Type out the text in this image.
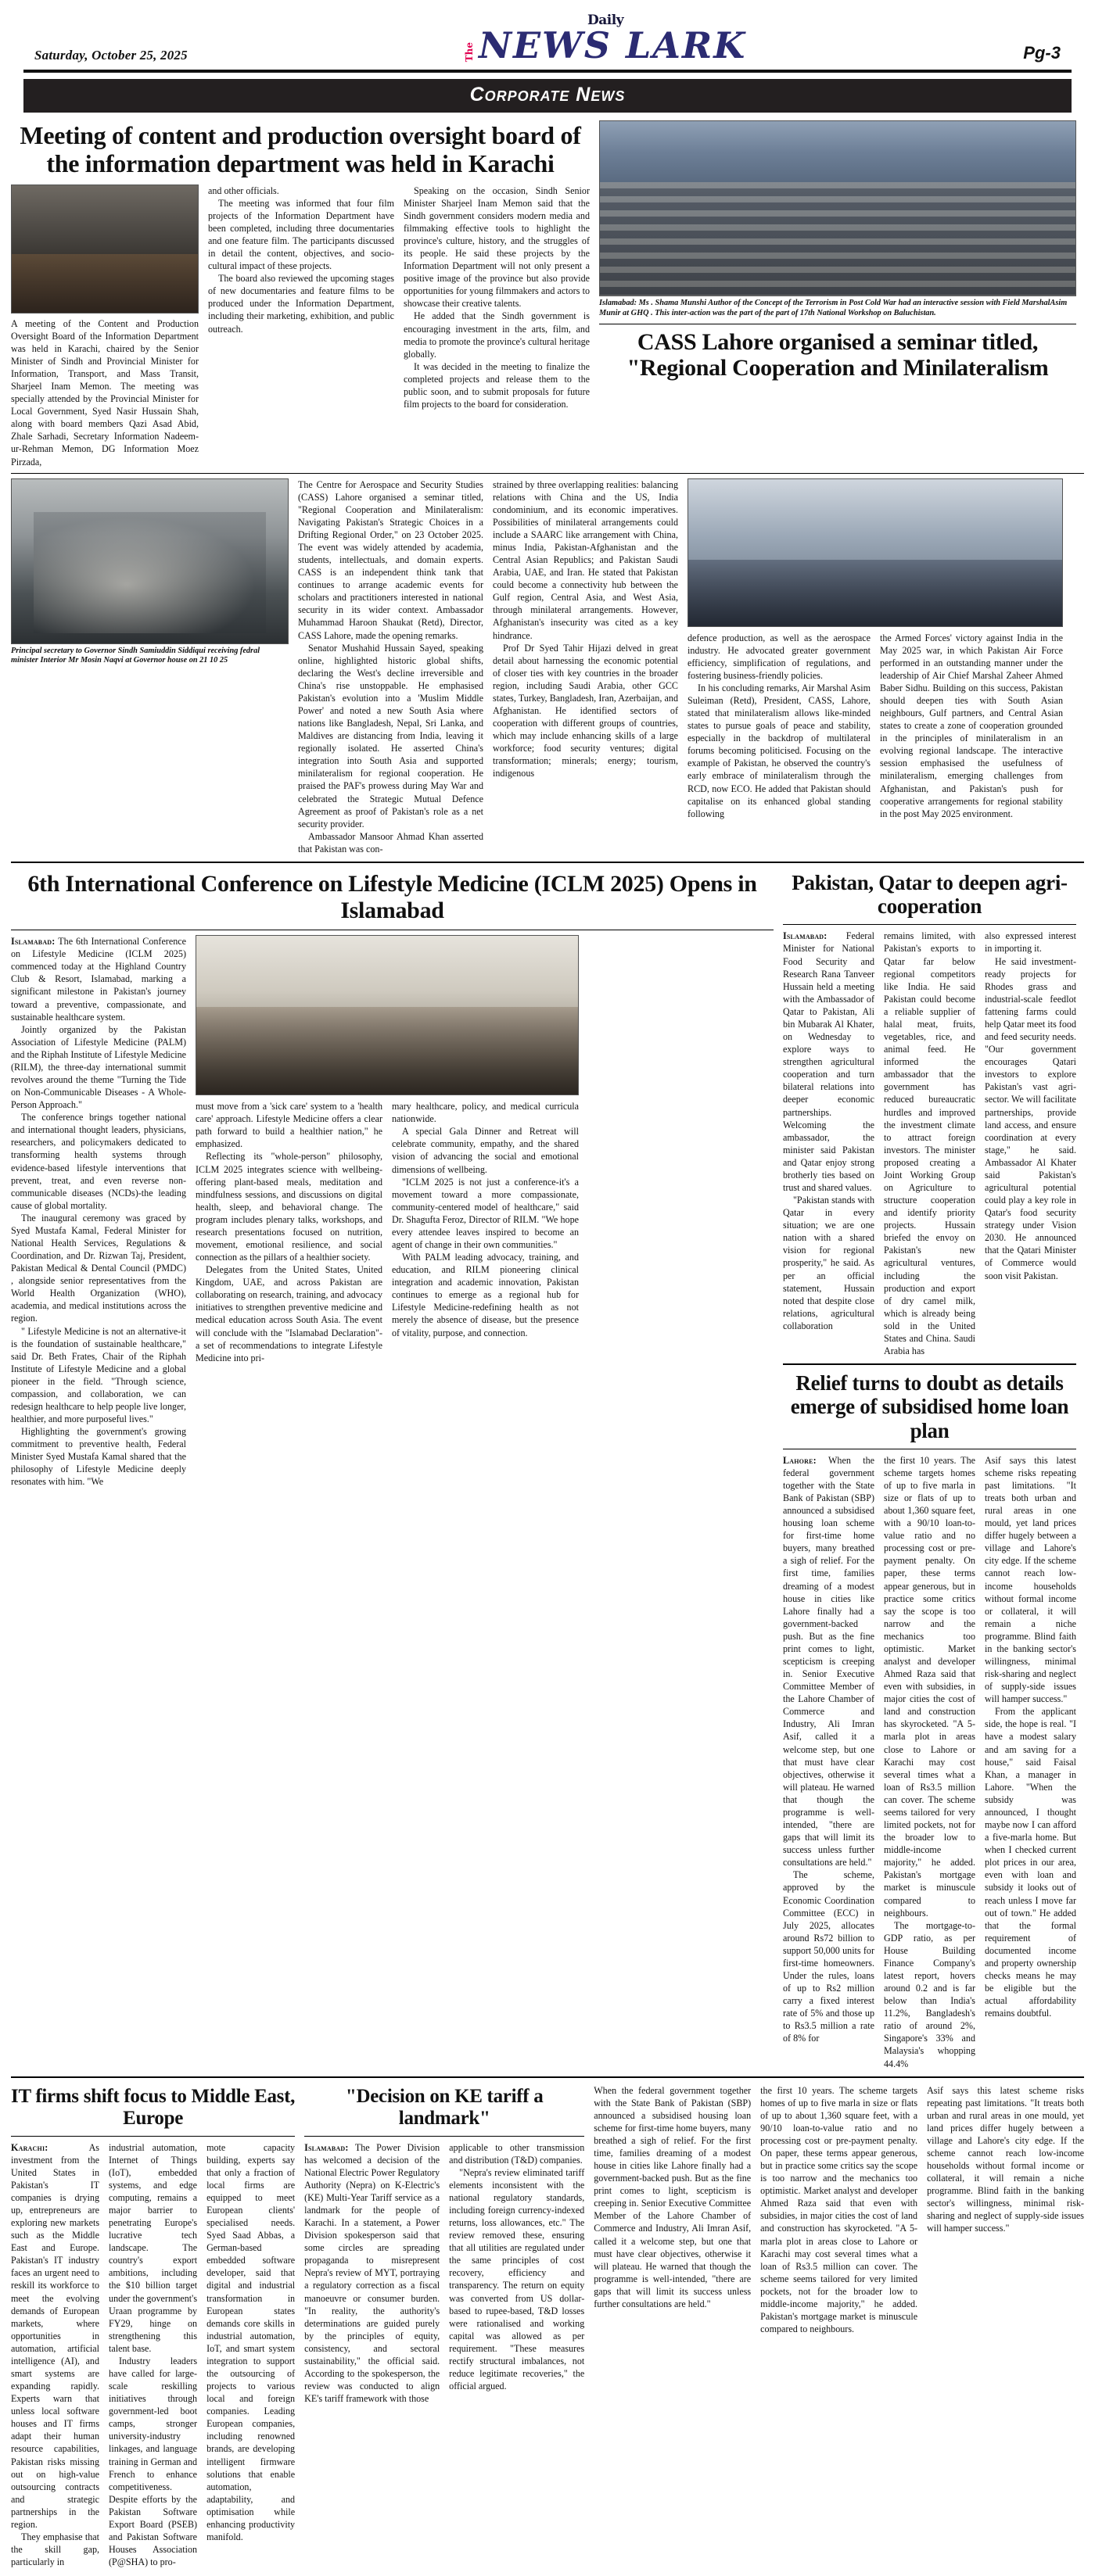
Saturday, October 25, 2025
Daily
The NEWS LARK	Pg-3
Corporate News
Meeting of content and production oversight board of the information department was held in Karachi

A meeting of the Content and Production Oversight Board of the Information Department was held in Karachi, chaired by the Senior Minister of Sindh and Provincial Minister for Information, Transport, and Mass Transit, Sharjeel Inam Memon. The meeting was specially attended by the Provincial Minister for Local Government, Syed Nasir Hussain Shah, along with board members Qazi Asad Abid, Zhale Sarhadi, Secretary Information Nadeem-ur-Rehman Memon, DG Information Moez Pirzada,

and other officials.

The meeting was informed that four film projects of the Information Department have been completed, including three documentaries and one feature film. The participants discussed in detail the content, objectives, and socio-cultural impact of these projects.

The board also reviewed the upcoming stages of new documentaries and feature films to be produced under the Information Department, including their marketing, exhibition, and public outreach.

Speaking on the occasion, Sindh Senior Minister Sharjeel Inam Memon said that the Sindh government considers modern media and filmmaking effective tools to highlight the province's culture, history, and the struggles of its people. He said these projects by the Information Department will not only present a positive image of the province but also provide opportunities for young filmmakers and actors to showcase their creative talents.

He added that the Sindh government is encouraging investment in the arts, film, and media to promote the province's cultural heritage globally.

It was decided in the meeting to finalize the completed projects and release them to the public soon, and to submit proposals for future film projects to the board for consideration.

Islamabad: Ms . Shama Munshi Author of the Concept of the Terrorism in Post Cold War had an interactive session with Field MarshalAsim Munir at GHQ . This inter-action was the part of the part of 17th National Workshop on Baluchistan.
CASS Lahore organised a seminar titled, "Regional Cooperation and Minilateralism
Principal secretary to Governor Sindh Samiuddin Siddiqui receiving fedral minister Interior Mr Mosin Naqvi at Governor house on 21 10 25

The Centre for Aerospace and Security Studies (CASS) Lahore organised a seminar titled, "Regional Cooperation and Minilateralism: Navigating Pakistan's Strategic Choices in a Drifting Regional Order," on 23 October 2025. The event was widely attended by academia, students, intellectuals, and domain experts. CASS is an independent think tank that continues to arrange academic events for scholars and practitioners interested in national security in its wider context. Ambassador Muhammad Haroon Shaukat (Retd), Director, CASS Lahore, made the opening remarks.

Senator Mushahid Hussain Sayed, speaking online, highlighted historic global shifts, declaring the West's decline irreversible and China's rise unstoppable. He emphasised Pakistan's evolution into a 'Muslim Middle Power' and noted a new South Asia where nations like Bangladesh, Nepal, Sri Lanka, and Maldives are distancing from India, leaving it regionally isolated. He asserted China's integration into South Asia and supported minilateralism for regional cooperation. He praised the PAF's prowess during May War and celebrated the Strategic Mutual Defence Agreement as proof of Pakistan's role as a net security provider.

Ambassador Mansoor Ahmad Khan asserted that Pakistan was con-

strained by three overlapping realities: balancing relations with China and the US, India condominium, and its economic imperatives. Possibilities of minilateral arrangements could include a SAARC like arrangement with China, minus India, Pakistan-Afghanistan and the Central Asian Republics; and Pakistan Saudi Arabia, UAE, and Iran. He stated that Pakistan could become a connectivity hub between the Gulf region, Central Asia, and West Asia, through minilateral arrangements. However, Afghanistan's insecurity was cited as a key hindrance.

Prof Dr Syed Tahir Hijazi delved in great detail about harnessing the economic potential of closer ties with key countries in the broader region, including Saudi Arabia, other GCC states, Turkey, Bangladesh, Iran, Azerbaijan, and Afghanistan. He identified sectors of cooperation with different groups of countries, which may include enhancing skills of a large workforce; food security ventures; digital transformation; minerals; energy; tourism, indigenous

defence production, as well as the aerospace industry. He advocated greater government efficiency, simplification of regulations, and fostering business-friendly policies.

In his concluding remarks, Air Marshal Asim Suleiman (Retd), President, CASS, Lahore, stated that minilateralism allows like-minded states to pursue goals of peace and stability, especially in the backdrop of multilateral forums becoming politicised. Focusing on the example of Pakistan, he observed the country's early embrace of minilateralism through the RCD, now ECO. He added that Pakistan should capitalise on its enhanced global standing following

the Armed Forces' victory against India in the May 2025 war, in which Pakistan Air Force performed in an outstanding manner under the leadership of Air Chief Marshal Zaheer Ahmed Baber Sidhu. Building on this success, Pakistan should deepen ties with South Asian neighbours, Gulf partners, and Central Asian states to create a zone of cooperation grounded in the principles of minilateralism in an evolving regional landscape. The interactive session emphasised the usefulness of minilateralism, emerging challenges from Afghanistan, and Pakistan's push for cooperative arrangements for regional stability in the post May 2025 environment.

6th International Conference on Lifestyle Medicine (ICLM 2025) Opens in Islamabad

Islamabad: The 6th International Conference on Lifestyle Medicine (ICLM 2025) commenced today at the Highland Country Club & Resort, Islamabad, marking a significant milestone in Pakistan's journey toward a preventive, compassionate, and sustainable healthcare system.

Jointly organized by the Pakistan Association of Lifestyle Medicine (PALM) and the Riphah Institute of Lifestyle Medicine (RILM), the three-day international summit revolves around the theme "Turning the Tide on Non-Communicable Diseases - A Whole-Person Approach."

The conference brings together national and international thought leaders, physicians, researchers, and policymakers dedicated to transforming health systems through evidence-based lifestyle interventions that prevent, treat, and even reverse non-communicable diseases (NCDs)-the leading cause of global mortality.

The inaugural ceremony was graced by Syed Mustafa Kamal, Federal Minister for National Health Services, Regulations & Coordination, and Dr. Rizwan Taj, President, Pakistan Medical & Dental Council (PMDC) , alongside senior representatives from the World Health Organization (WHO), academia, and medical institutions across the region.

" Lifestyle Medicine is not an alternative-it is the foundation of sustainable healthcare," said Dr. Beth Frates, Chair of the Riphah Institute of Lifestyle Medicine and a global pioneer in the field. "Through science, compassion, and collaboration, we can redesign healthcare to help people live longer, healthier, and more purposeful lives."

Highlighting the government's growing commitment to preventive health, Federal Minister Syed Mustafa Kamal shared that the philosophy of Lifestyle Medicine deeply resonates with him. "We

must move from a 'sick care' system to a 'health care' approach. Lifestyle Medicine offers a clear path forward to build a healthier nation," he emphasized.

Reflecting its "whole-person" philosophy, ICLM 2025 integrates science with wellbeing-offering plant-based meals, meditation and mindfulness sessions, and discussions on digital health, sleep, and behavioral change. The program includes plenary talks, workshops, and research presentations focused on nutrition, movement, emotional resilience, and social connection as the pillars of a healthier society.

Delegates from the United States, United Kingdom, UAE, and across Pakistan are collaborating on research, training, and advocacy initiatives to strengthen preventive medicine and medical education across South Asia. The event will conclude with the "Islamabad Declaration"-a set of recommendations to integrate Lifestyle Medicine into pri-

mary healthcare, policy, and medical curricula nationwide.

A special Gala Dinner and Retreat will celebrate community, empathy, and the shared vision of advancing the social and emotional dimensions of wellbeing.

"ICLM 2025 is not just a conference-it's a movement toward a more compassionate, community-centered model of healthcare," said Dr. Shagufta Feroz, Director of RILM. "We hope every attendee leaves inspired to become an agent of change in their own communities."

With PALM leading advocacy, training, and education, and RILM pioneering clinical integration and academic innovation, Pakistan continues to emerge as a regional hub for Lifestyle Medicine-redefining health as not merely the absence of disease, but the presence of vitality, purpose, and connection.

Pakistan, Qatar to deepen agri-cooperation

Islamabad: Federal Minister for National Food Security and Research Rana Tanveer Hussain held a meeting with the Ambassador of Qatar to Pakistan, Ali bin Mubarak Al Khater, on Wednesday to explore ways to strengthen agricultural cooperation and turn bilateral relations into deeper economic partnerships. Welcoming the ambassador, the minister said Pakistan and Qatar enjoy strong brotherly ties based on trust and shared values.

"Pakistan stands with Qatar in every situation; we are one nation with a shared vision for regional prosperity," he said. As per an official statement, Hussain noted that despite close relations, agricultural collaboration

remains limited, with Pakistan's exports to Qatar far below regional competitors like India. He said Pakistan could become a reliable supplier of halal meat, fruits, vegetables, rice, and animal feed. He informed the ambassador that the government has reduced bureaucratic hurdles and improved the investment climate to attract foreign investors. The minister proposed creating a Joint Working Group on Agriculture to structure cooperation and identify priority projects. Hussain briefed the envoy on Pakistan's new agricultural ventures, including the production and export of dry camel milk, which is already being sold in the United States and China. Saudi Arabia has

also expressed interest in importing it.

He said investment-ready projects for Rhodes grass and industrial-scale feedlot fattening farms could help Qatar meet its food and feed security needs. "Our government encourages Qatari investors to explore Pakistan's vast agri-sector. We will facilitate partnerships, provide land access, and ensure coordination at every stage," he said. Ambassador Al Khater said Pakistan's agricultural potential could play a key role in Qatar's food security strategy under Vision 2030. He announced that the Qatari Minister of Commerce would soon visit Pakistan.

Relief turns to doubt as details emerge of subsidised home loan plan

Lahore: When the federal government together with the State Bank of Pakistan (SBP) announced a subsidised housing loan scheme for first-time home buyers, many breathed a sigh of relief. For the first time, families dreaming of a modest house in cities like Lahore finally had a government-backed push. But as the fine print comes to light, scepticism is creeping in. Senior Executive Committee Member of the Lahore Chamber of Commerce and Industry, Ali Imran Asif, called it a welcome step, but one that must have clear objectives, otherwise it will plateau. He warned that though the programme is well-intended, "there are gaps that will limit its success unless further consultations are held."

The scheme, approved by the Economic Coordination Committee (ECC) in July 2025, allocates around Rs72 billion to support 50,000 units for first-time homeowners. Under the rules, loans of up to Rs2 million carry a fixed interest rate of 5% and those up to Rs3.5 million a rate of 8% for

the first 10 years. The scheme targets homes of up to five marla in size or flats of up to about 1,360 square feet, with a 90/10 loan-to-value ratio and no processing cost or pre-payment penalty. On paper, these terms appear generous, but in practice some critics say the scope is too narrow and the mechanics too optimistic. Market analyst and developer Ahmed Raza said that even with subsidies, in major cities the cost of land and construction has skyrocketed. "A 5-marla plot in areas close to Lahore or Karachi may cost several times what a loan of Rs3.5 million can cover. The scheme seems tailored for very limited pockets, not for the broader low to middle-income majority," he added. Pakistan's mortgage market is minuscule compared to neighbours.

The mortgage-to-GDP ratio, as per House Building Finance Company's latest report, hovers around 0.2 and is far below than India's 11.2%, Bangladesh's ratio of around 2%, Singapore's 33% and Malaysia's whopping 44.4%

Asif says this latest scheme risks repeating past limitations. "It treats both urban and rural areas in one mould, yet land prices differ hugely between a village and Lahore's city edge. If the scheme cannot reach low-income households without formal income or collateral, it will remain a niche programme. Blind faith in the banking sector's willingness, minimal risk-sharing and neglect of supply-side issues will hamper success."

From the applicant side, the hope is real. "I have a modest salary and am saving for a house," said Faisal Khan, a manager in Lahore. "When the subsidy was announced, I thought maybe now I can afford a five-marla home. But when I checked current plot prices in our area, even with loan and subsidy it looks out of reach unless I move far out of town." He added that the formal requirement of documented income and property ownership checks means he may be eligible but the actual affordability remains doubtful.

IT firms shift focus to Middle East, Europe

Karachi:	As investment from the United States in Pakistan's IT companies is drying up, entrepreneurs are exploring new markets such as the Middle East and Europe. Pakistan's IT industry faces an urgent need to reskill its workforce to meet the evolving demands of European markets, where opportunities in automation, artificial intelligence (AI), and smart systems are expanding rapidly. Experts warn that unless local software houses and IT firms adapt their human resource capabilities, Pakistan risks missing out on high-value outsourcing contracts and strategic partnerships in the region.

They emphasise that the skill gap, particularly in

industrial automation, Internet of Things (IoT), embedded systems, and edge computing, remains a major barrier to penetrating Europe's lucrative tech landscape. The country's export ambitions, including the $10 billion target under the government's Uraan programme by FY29, hinge on strengthening this talent base.

Industry leaders have called for large-scale reskilling initiatives through government-led boot camps, stronger university-industry linkages, and language training in German and French to enhance competitiveness. Despite efforts by the Pakistan Software Export Board (PSEB) and Pakistan Software Houses Association (P@SHA) to pro-

mote capacity building, experts say that only a fraction of local firms are equipped to meet European clients' specialised needs. Syed Saad Abbas, a German-based embedded software developer, said that digital and industrial transformation in European states demands core skills in industrial automation, IoT, and smart system integration to support the outsourcing of projects to various local and foreign companies. Leading European companies, including renowned brands, are developing intelligent firmware solutions that enable automation, adaptability, and optimisation while enhancing productivity manifold.

"Decision on KE tariff a landmark"

Islamabad: The Power Division has welcomed a decision of the National Electric Power Regulatory Authority (Nepra) on K-Electric's (KE) Multi-Year Tariff service as a landmark for the people of Karachi. In a statement, a Power Division spokesperson said that some circles are spreading propaganda to misrepresent Nepra's review of MYT, portraying a regulatory correction as a fiscal manoeuvre or consumer burden. "In reality, the authority's determinations are guided purely by the principles of equity, consistency, and sectoral sustainability," the official said. According to the spokesperson, the review was conducted to align KE's tariff framework with those

applicable to other transmission and distribution (T&D) companies.

"Nepra's review eliminated tariff elements inconsistent with the national regulatory standards, including foreign currency-indexed returns, loss allowances, etc." The review removed these, ensuring that all utilities are regulated under the same principles of cost recovery, efficiency and transparency. The return on equity was converted from US dollar-based to rupee-based, T&D losses were rationalised and working capital was allowed as per requirement. "These measures rectify structural imbalances, not reduce legitimate recoveries," the official argued.

When the federal government together with the State Bank of Pakistan (SBP) announced a subsidised housing loan scheme for first-time home buyers, many breathed a sigh of relief. For the first time, families dreaming of a modest house in cities like Lahore finally had a government-backed push. But as the fine print comes to light, scepticism is creeping in. Senior Executive Committee Member of the Lahore Chamber of Commerce and Industry, Ali Imran Asif, called it a welcome step, but one that must have clear objectives, otherwise it will plateau. He warned that though the programme is well-intended, "there are gaps that will limit its success unless further consultations are held."

the first 10 years. The scheme targets homes of up to five marla in size or flats of up to about 1,360 square feet, with a 90/10 loan-to-value ratio and no processing cost or pre-payment penalty. On paper, these terms appear generous, but in practice some critics say the scope is too narrow and the mechanics too optimistic. Market analyst and developer Ahmed Raza said that even with subsidies, in major cities the cost of land and construction has skyrocketed. "A 5-marla plot in areas close to Lahore or Karachi may cost several times what a loan of Rs3.5 million can cover. The scheme seems tailored for very limited pockets, not for the broader low to middle-income majority," he added. Pakistan's mortgage market is minuscule compared to neighbours.

Asif says this latest scheme risks repeating past limitations. "It treats both urban and rural areas in one mould, yet land prices differ hugely between a village and Lahore's city edge. If the scheme cannot reach low-income households without formal income or collateral, it will remain a niche programme. Blind faith in the banking sector's willingness, minimal risk-sharing and neglect of supply-side issues will hamper success."
